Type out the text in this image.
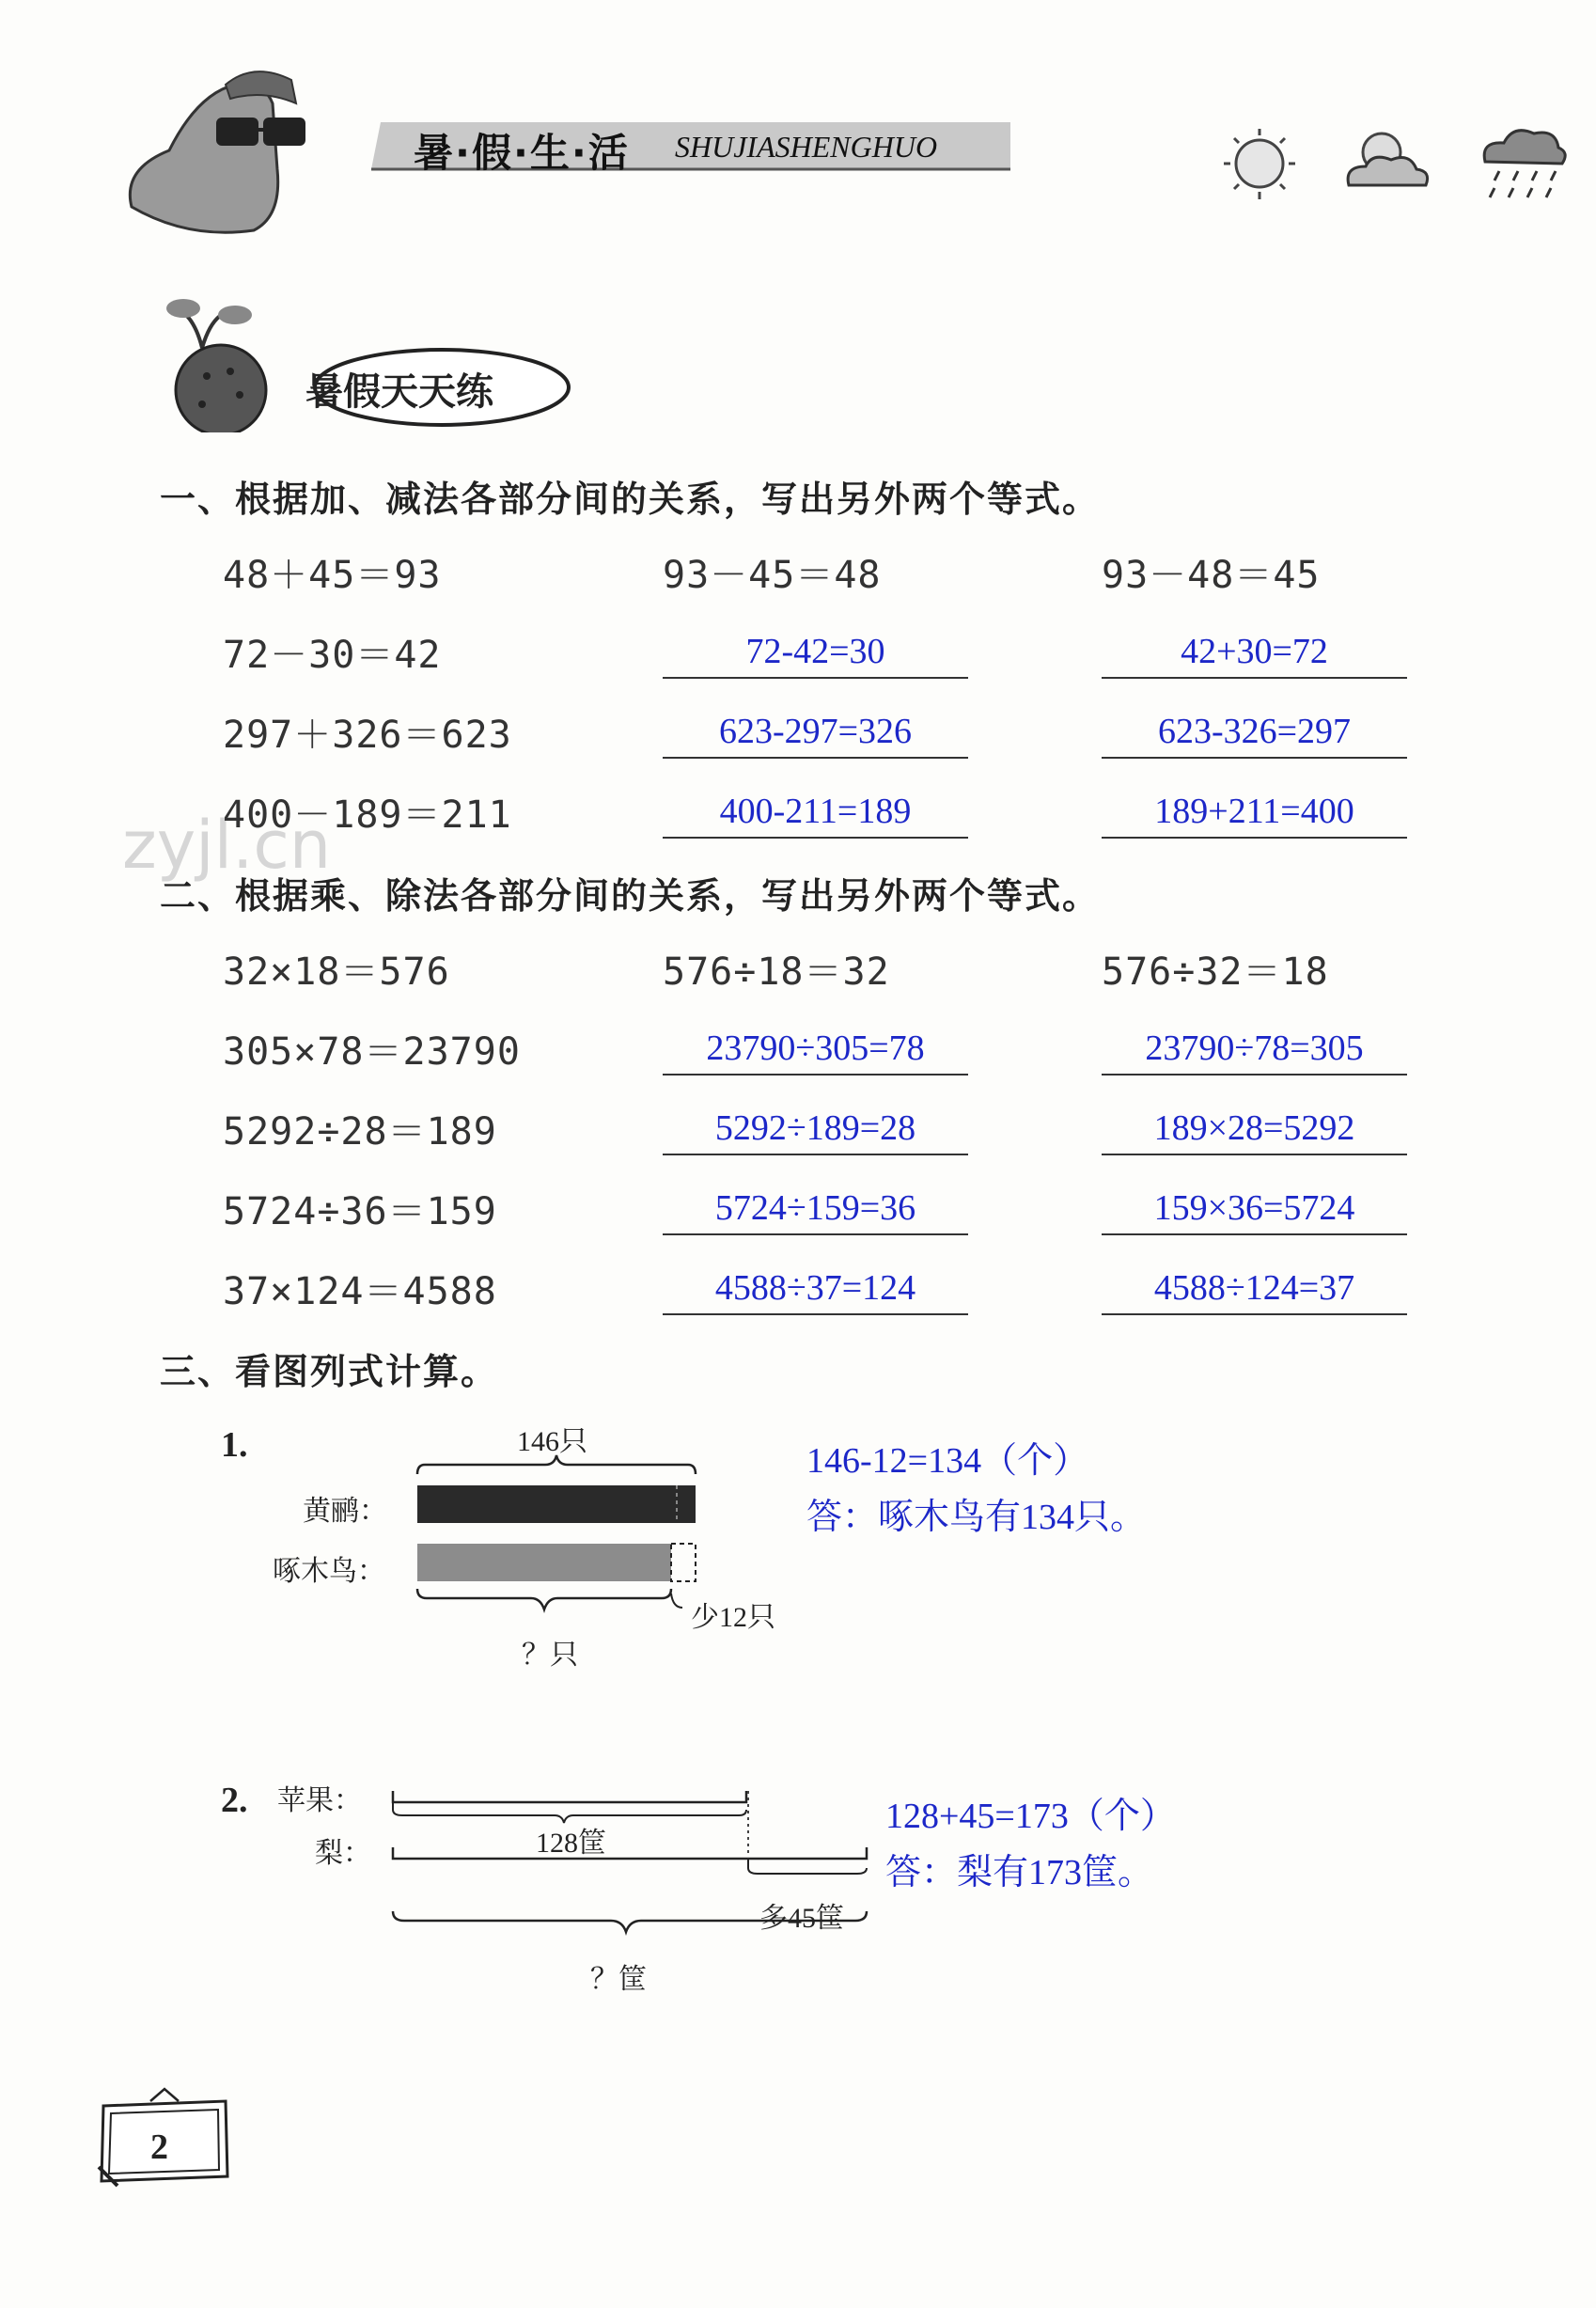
暑·假·生·活 SHUJIASHENGHUO
暑假天天练
zyjl.cn
一、根据加、减法各部分间的关系，写出另外两个等式。
48＋45＝93	93－45＝48	93－48＝45
72－30＝42	72-42=30	42+30=72
297＋326＝623	623-297=326	623-326=297
400－189＝211	400-211=189	189+211=400
二、根据乘、除法各部分间的关系，写出另外两个等式。
32×18＝576	576÷18＝32	576÷32＝18
305×78＝23790	23790÷305=78	23790÷78=305
5292÷28＝189	5292÷189=28	189×28=5292
5724÷36＝159	5724÷159=36	159×36=5724
37×124＝4588	4588÷37=124	4588÷124=37
三、看图列式计算。
1.	146只
黄鹂：
啄木鸟：
少12只
？只
146-12=134（个）
答：啄木鸟有134只。
2. 苹果：
梨：	128筐
多45筐
？筐
128+45=173（个）
答：梨有173筐。
2
